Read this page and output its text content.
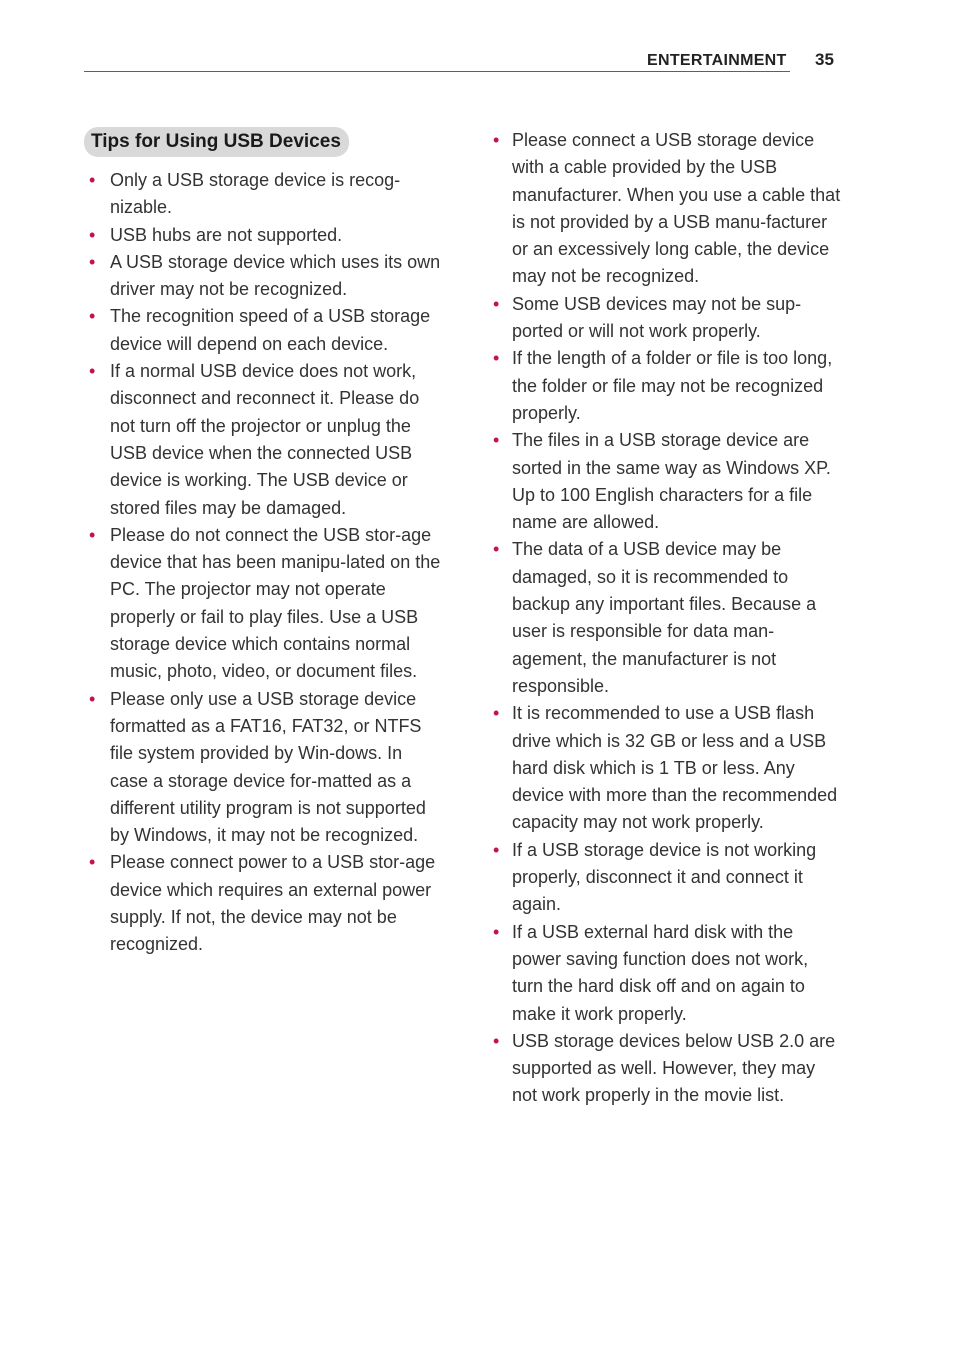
ENTERTAINMENT 35
Tips for Using USB Devices
• Only a USB storage device is recog-nizable.
• USB hubs are not supported.
• A USB storage device which uses its own driver may not be recognized.
• The recognition speed of a USB storage device will depend on each device.
• If a normal USB device does not work, disconnect and reconnect it. Please do not turn off the projector or unplug the USB device when the connected USB device is working. The USB device or stored files may be damaged.
• Please do not connect the USB stor-age device that has been manipu-lated on the PC. The projector may not operate properly or fail to play files. Use a USB storage device which contains normal music, photo, video, or document files.
• Please only use a USB storage device formatted as a FAT16, FAT32, or NTFS file system provided by Win-dows. In case a storage device for-matted as a different utility program is not supported by Windows, it may not be recognized.
• Please connect power to a USB stor-age device which requires an external power supply. If not, the device may not be recognized.
• Please connect a USB storage device with a cable provided by the USB manufacturer. When you use a cable that is not provided by a USB manu-facturer or an excessively long cable, the device may not be recognized.
• Some USB devices may not be sup-ported or will not work properly.
• If the length of a folder or file is too long, the folder or file may not be recognized properly.
• The files in a USB storage device are sorted in the same way as Windows XP. Up to 100 English characters for a file name are allowed.
• The data of a USB device may be damaged, so it is recommended to backup any important files. Because a user is responsible for data man-agement, the manufacturer is not responsible.
• It is recommended to use a USB flash drive which is 32 GB or less and a USB hard disk which is 1 TB or less. Any device with more than the recommended capacity may not work properly.
• If a USB storage device is not working properly, disconnect it and connect it again.
• If a USB external hard disk with the power saving function does not work, turn the hard disk off and on again to make it work properly.
• USB storage devices below USB 2.0 are supported as well. However, they may not work properly in the movie list.
